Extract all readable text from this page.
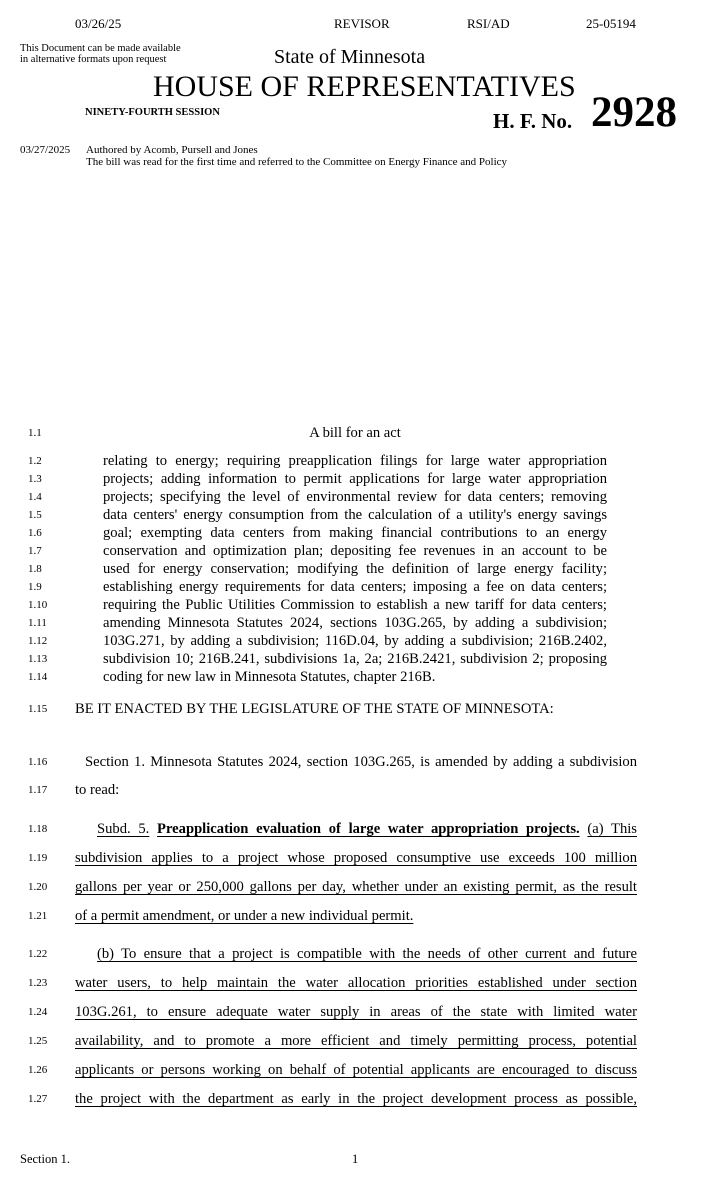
03/26/25	REVISOR	RSI/AD	25-05194
This Document can be made available
in alternative formats upon request	State of Minnesota
HOUSE OF REPRESENTATIVES
NINETY-FOURTH SESSION	H. F. No. 2928
03/27/2025 Authored by Acomb, Pursell and Jones
The bill was read for the first time and referred to the Committee on Energy Finance and Policy
1.1	A bill for an act
1.2	relating to energy; requiring preapplication filings for large water appropriation
1.3	projects; adding information to permit applications for large water appropriation
1.4	projects; specifying the level of environmental review for data centers; removing
1.5	data centers' energy consumption from the calculation of a utility's energy savings
1.6	goal; exempting data centers from making financial contributions to an energy
1.7	conservation and optimization plan; depositing fee revenues in an account to be
1.8	used for energy conservation; modifying the definition of large energy facility;
1.9	establishing energy requirements for data centers; imposing a fee on data centers;
1.10	requiring the Public Utilities Commission to establish a new tariff for data centers;
1.11	amending Minnesota Statutes 2024, sections 103G.265, by adding a subdivision;
1.12	103G.271, by adding a subdivision; 116D.04, by adding a subdivision; 216B.2402,
1.13	subdivision 10; 216B.241, subdivisions 1a, 2a; 216B.2421, subdivision 2; proposing
1.14	coding for new law in Minnesota Statutes, chapter 216B.
1.15	BE IT ENACTED BY THE LEGISLATURE OF THE STATE OF MINNESOTA:
1.16	Section 1. Minnesota Statutes 2024, section 103G.265, is amended by adding a subdivision
1.17	to read:
1.18	Subd. 5. Preapplication evaluation of large water appropriation projects. (a) This
1.19	subdivision applies to a project whose proposed consumptive use exceeds 100 million
1.20	gallons per year or 250,000 gallons per day, whether under an existing permit, as the result
1.21	of a permit amendment, or under a new individual permit.
1.22	(b) To ensure that a project is compatible with the needs of other current and future
1.23	water users, to help maintain the water allocation priorities established under section
1.24	103G.261, to ensure adequate water supply in areas of the state with limited water
1.25	availability, and to promote a more efficient and timely permitting process, potential
1.26	applicants or persons working on behalf of potential applicants are encouraged to discuss
1.27	the project with the department as early in the project development process as possible,
Section 1.	1
